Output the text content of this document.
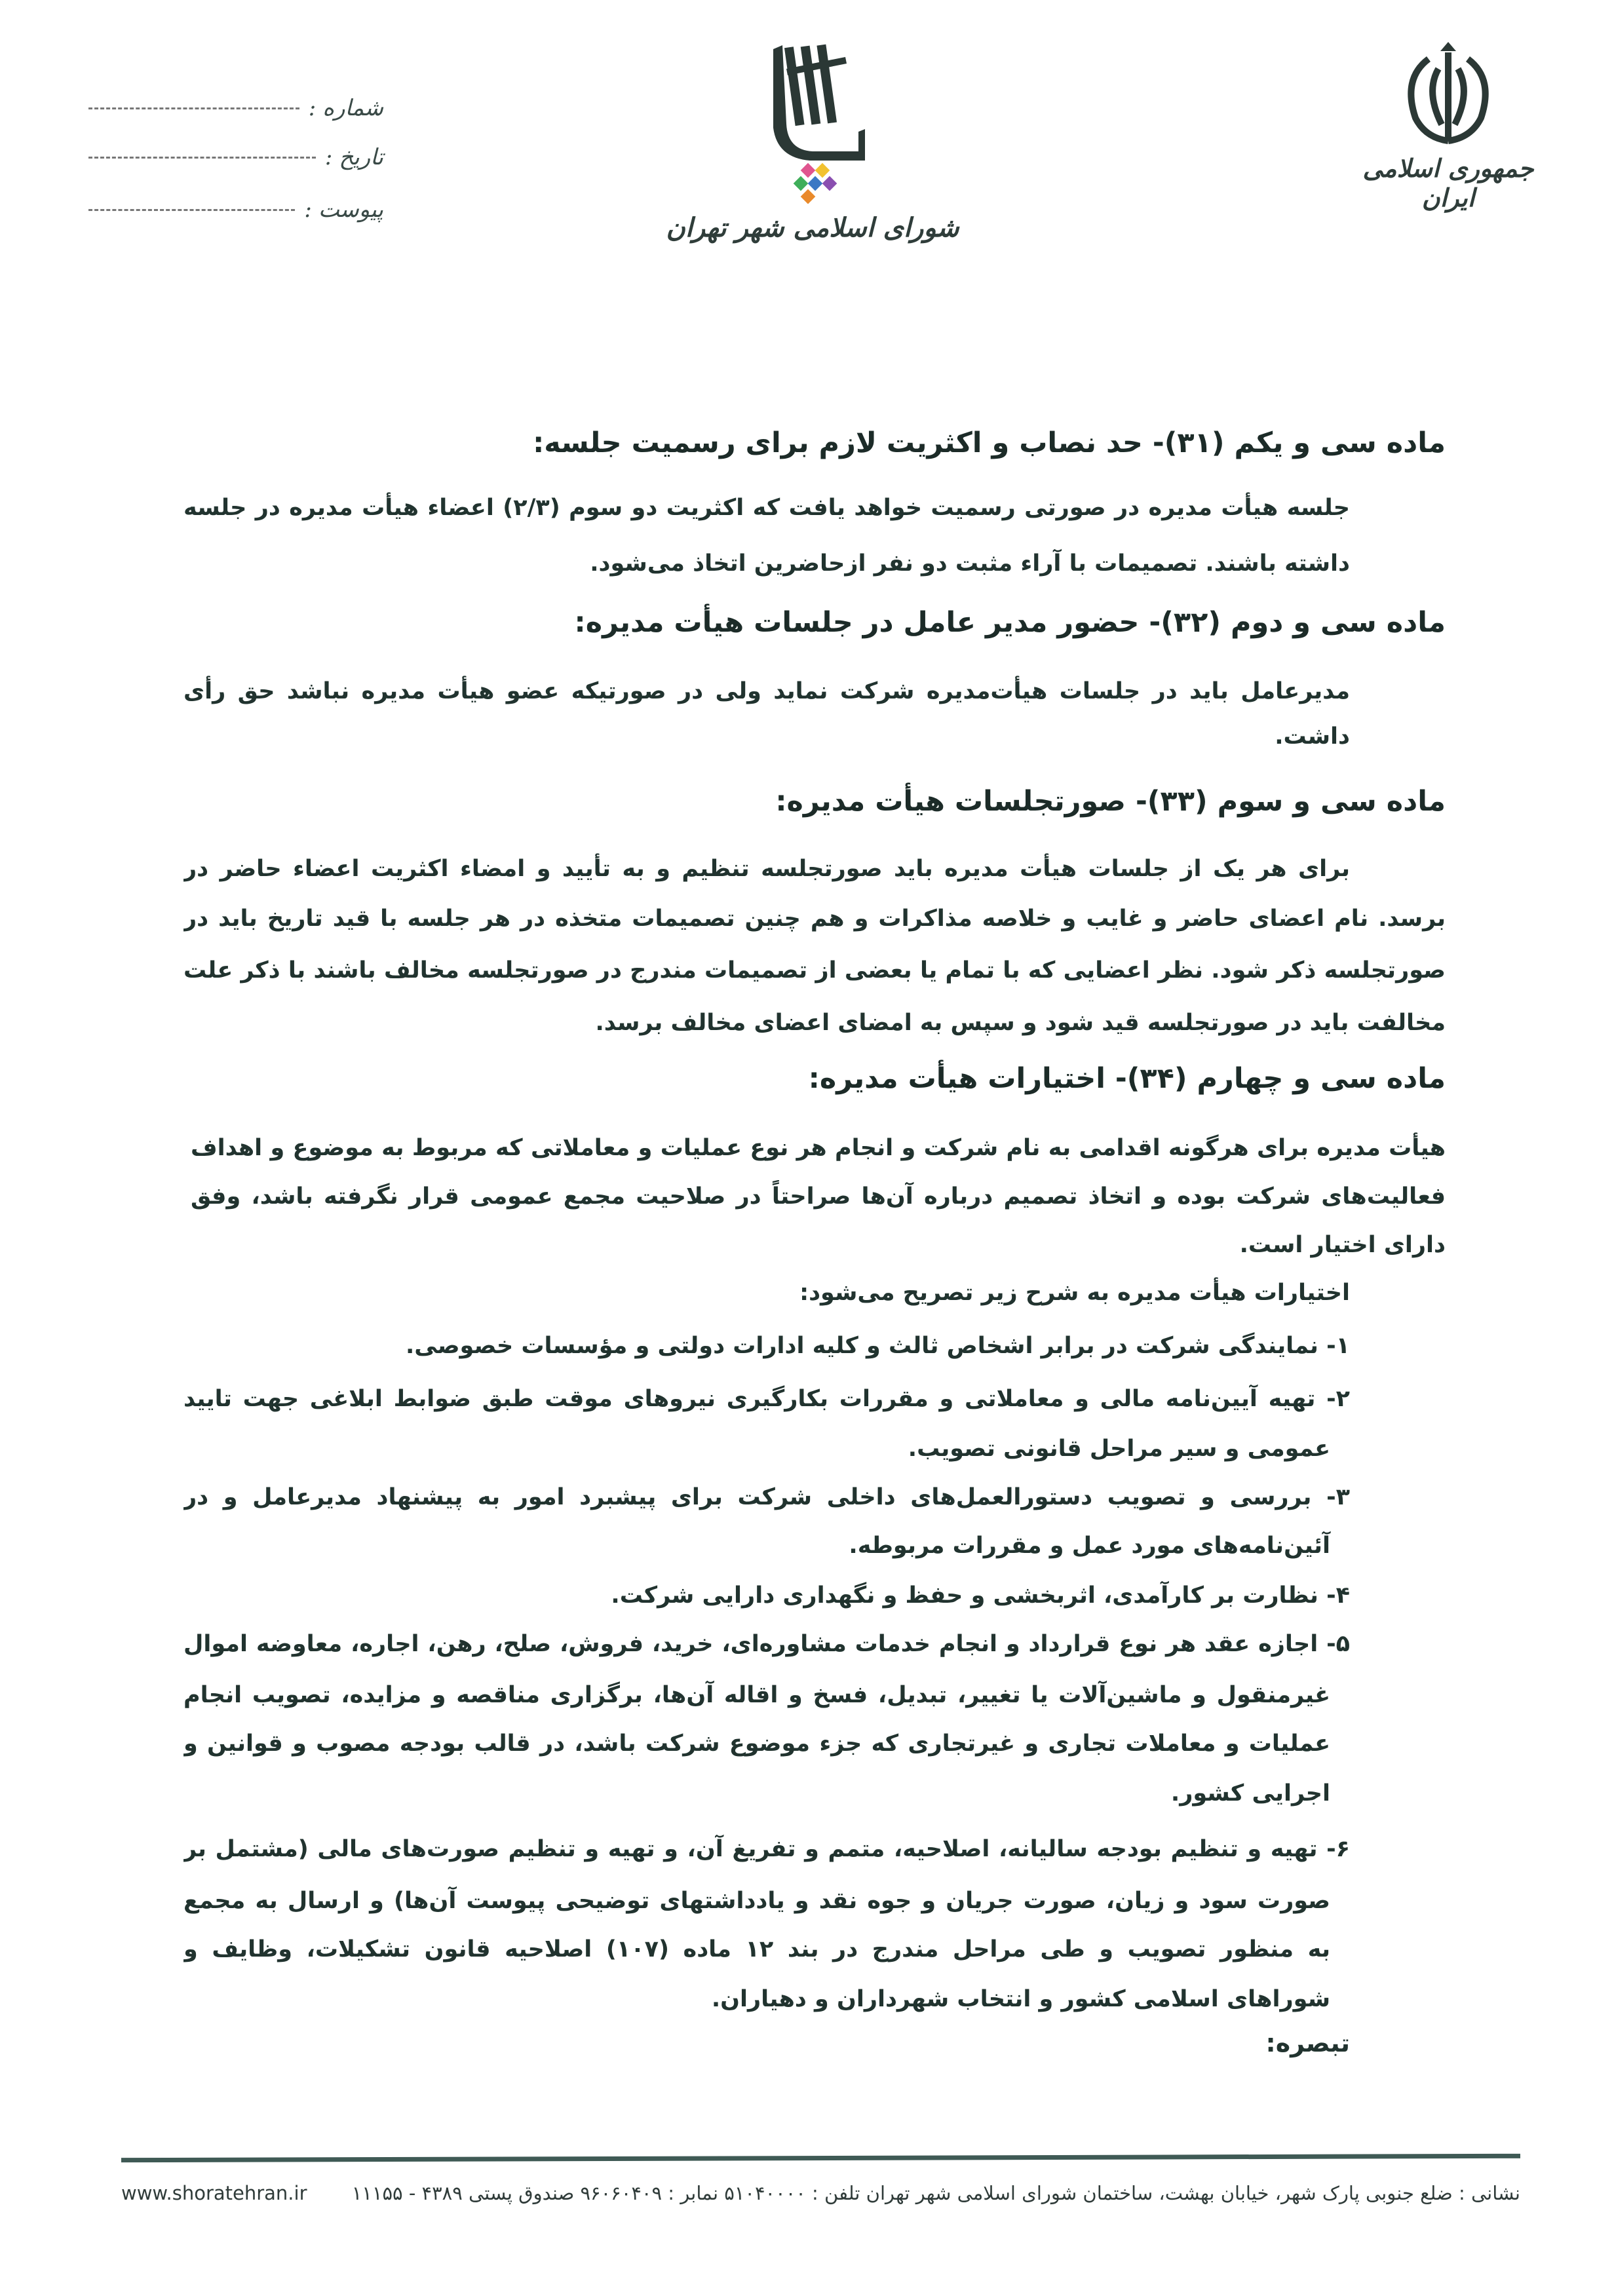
شماره
:
تاریخ
:
پیوست
:
شورای اسلامی شهر تهران
جمهوری اسلامی ایران
ماده سی و یکم (۳۱)- حد نصاب و اکثریت لازم برای رسمیت جلسه:
جلسه هیأت مدیره در صورتی رسمیت خواهد یافت که اکثریت دو سوم (۲/۳) اعضاء هیأت مدیره در جلسه
داشته باشند. تصمیمات با آراء مثبت دو نفر ازحاضرین اتخاذ می‌شود.
ماده سی و دوم (۳۲)- حضور مدیر عامل در جلسات هیأت مدیره:
مدیرعامل باید در جلسات هیأت‌مدیره شرکت نماید ولی در صورتیکه عضو هیأت مدیره نباشد حق رأی
داشت.
ماده سی و سوم (۳۳)- صورتجلسات هیأت مدیره:
برای هر یک از جلسات هیأت مدیره باید صورتجلسه تنظیم و به تأیید و امضاء اکثریت اعضاء حاضر در
برسد. نام اعضای حاضر و غایب و خلاصه مذاکرات و هم چنین تصمیمات متخذه در هر جلسه با قید تاریخ باید در
صورتجلسه ذکر شود. نظر اعضایی که با تمام یا بعضی از تصمیمات مندرج در صورتجلسه مخالف باشند با ذکر علت
مخالفت باید در صورتجلسه قید شود و سپس به امضای اعضای مخالف برسد.
ماده سی و چهارم (۳۴)- اختیارات هیأت مدیره:
هیأت مدیره برای هرگونه اقدامی به نام شرکت و انجام هر نوع عملیات و معاملاتی که مربوط به موضوع و اهداف
فعالیت‌های شرکت بوده و اتخاذ تصمیم درباره آن‌ها صراحتاً در صلاحیت مجمع عمومی قرار نگرفته باشد، وفق
دارای اختیار است.
اختیارات هیأت مدیره به شرح زیر تصریح می‌شود:
۱- نمایندگی شرکت در برابر اشخاص ثالث و کلیه ادارات دولتی و مؤسسات خصوصی.
۲- تهیه آیین‌نامه مالی و معاملاتی و مقررات بکارگیری نیروهای موقت طبق ضوابط ابلاغی جهت تایید
عمومی و سیر مراحل قانونی تصویب.
۳- بررسی و تصویب دستورالعمل‌های داخلی شرکت برای پیشبرد امور به پیشنهاد مدیرعامل و در
آئین‌نامه‌های مورد عمل و مقررات مربوطه.
۴- نظارت بر کارآمدی، اثربخشی و حفظ و نگهداری دارایی شرکت.
۵- اجازه عقد هر نوع قرارداد و انجام خدمات مشاوره‌ای، خرید، فروش، صلح، رهن، اجاره، معاوضه اموال
غیرمنقول و ماشین‌آلات یا تغییر، تبدیل، فسخ و اقاله آن‌ها، برگزاری مناقصه و مزایده، تصویب انجام
عملیات و معاملات تجاری و غیرتجاری که جزء موضوع شرکت باشد، در قالب بودجه مصوب و قوانین و
اجرایی کشور.
۶- تهیه و تنظیم بودجه سالیانه، اصلاحیه، متمم و تفریغ آن، و تهیه و تنظیم صورت‌های مالی (مشتمل بر
صورت سود و زیان، صورت جریان و جوه نقد و یادداشتهای توضیحی پیوست آن‌ها) و ارسال به مجمع
به منظور تصویب و طی مراحل مندرج در بند ۱۲ ماده (۱۰۷) اصلاحیه قانون تشکیلات، وظایف و
شوراهای اسلامی کشور و انتخاب شهرداران و دهیاران.
تبصره:
نشانی : ضلع جنوبی پارک شهر، خیابان بهشت، ساختمان شورای اسلامی شهر تهران تلفن : ۵۱۰۴۰۰۰۰ نمابر : ۹۶۰۶۰۴۰۹ صندوق پستی ۴۳۸۹ - ۱۱۱۵۵
www.shoratehran.ir
